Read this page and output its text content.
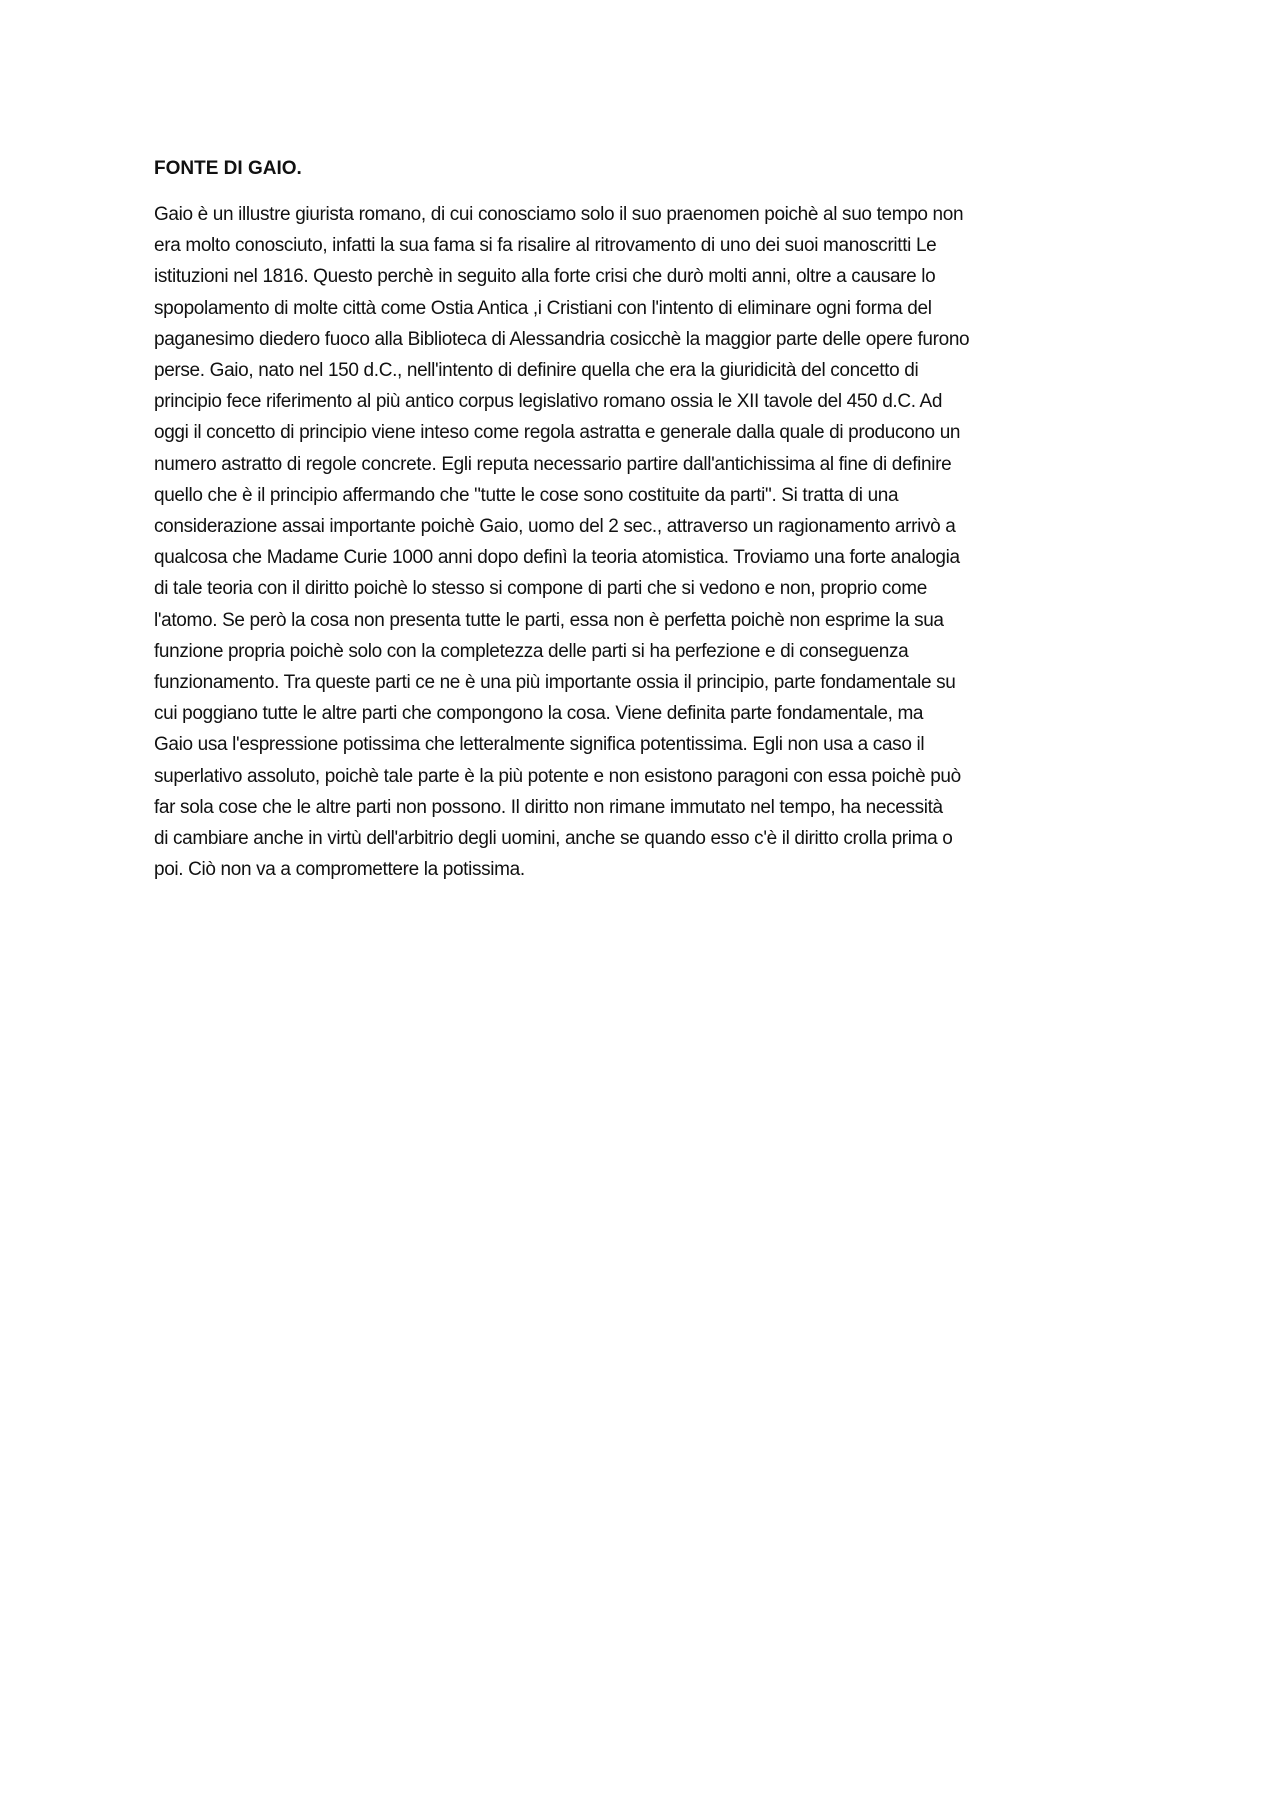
FONTE DI GAIO.

Gaio è un illustre giurista romano, di cui conosciamo solo il suo praenomen poichè al suo tempo non
era molto conosciuto, infatti la sua fama si fa risalire al ritrovamento di uno dei suoi manoscritti Le
istituzioni nel 1816. Questo perchè in seguito alla forte crisi che durò molti anni, oltre a causare lo
spopolamento di molte città come Ostia Antica ,i Cristiani con l'intento di eliminare ogni forma del
paganesimo diedero fuoco alla Biblioteca di Alessandria cosicchè la maggior parte delle opere furono
perse. Gaio, nato nel 150 d.C., nell'intento di definire quella che era la giuridicità del concetto di
principio fece riferimento al più antico corpus legislativo romano ossia le XII tavole del 450 d.C. Ad
oggi il concetto di principio viene inteso come regola astratta e generale dalla quale di producono un
numero astratto di regole concrete. Egli reputa necessario partire dall'antichissima al fine di definire
quello che è il principio affermando che "tutte le cose sono costituite da parti". Si tratta di una
considerazione assai importante poichè Gaio, uomo del 2 sec., attraverso un ragionamento arrivò a
qualcosa che Madame Curie 1000 anni dopo definì la teoria atomistica. Troviamo una forte analogia
di tale teoria con il diritto poichè lo stesso si compone di parti che si vedono e non, proprio come
l'atomo. Se però la cosa non presenta tutte le parti, essa non è perfetta poichè non esprime la sua
funzione propria poichè solo con la completezza delle parti si ha perfezione e di conseguenza
funzionamento. Tra queste parti ce ne è una più importante ossia il principio, parte fondamentale su
cui poggiano tutte le altre parti che compongono la cosa. Viene definita parte fondamentale, ma
Gaio usa l'espressione potissima che letteralmente significa potentissima. Egli non usa a caso il
superlativo assoluto, poichè tale parte è la più potente e non esistono paragoni con essa poichè può
far sola cose che le altre parti non possono. Il diritto non rimane immutato nel tempo, ha necessità
di cambiare anche in virtù dell'arbitrio degli uomini, anche se quando esso c'è il diritto crolla prima o
poi. Ciò non va a compromettere la potissima.
